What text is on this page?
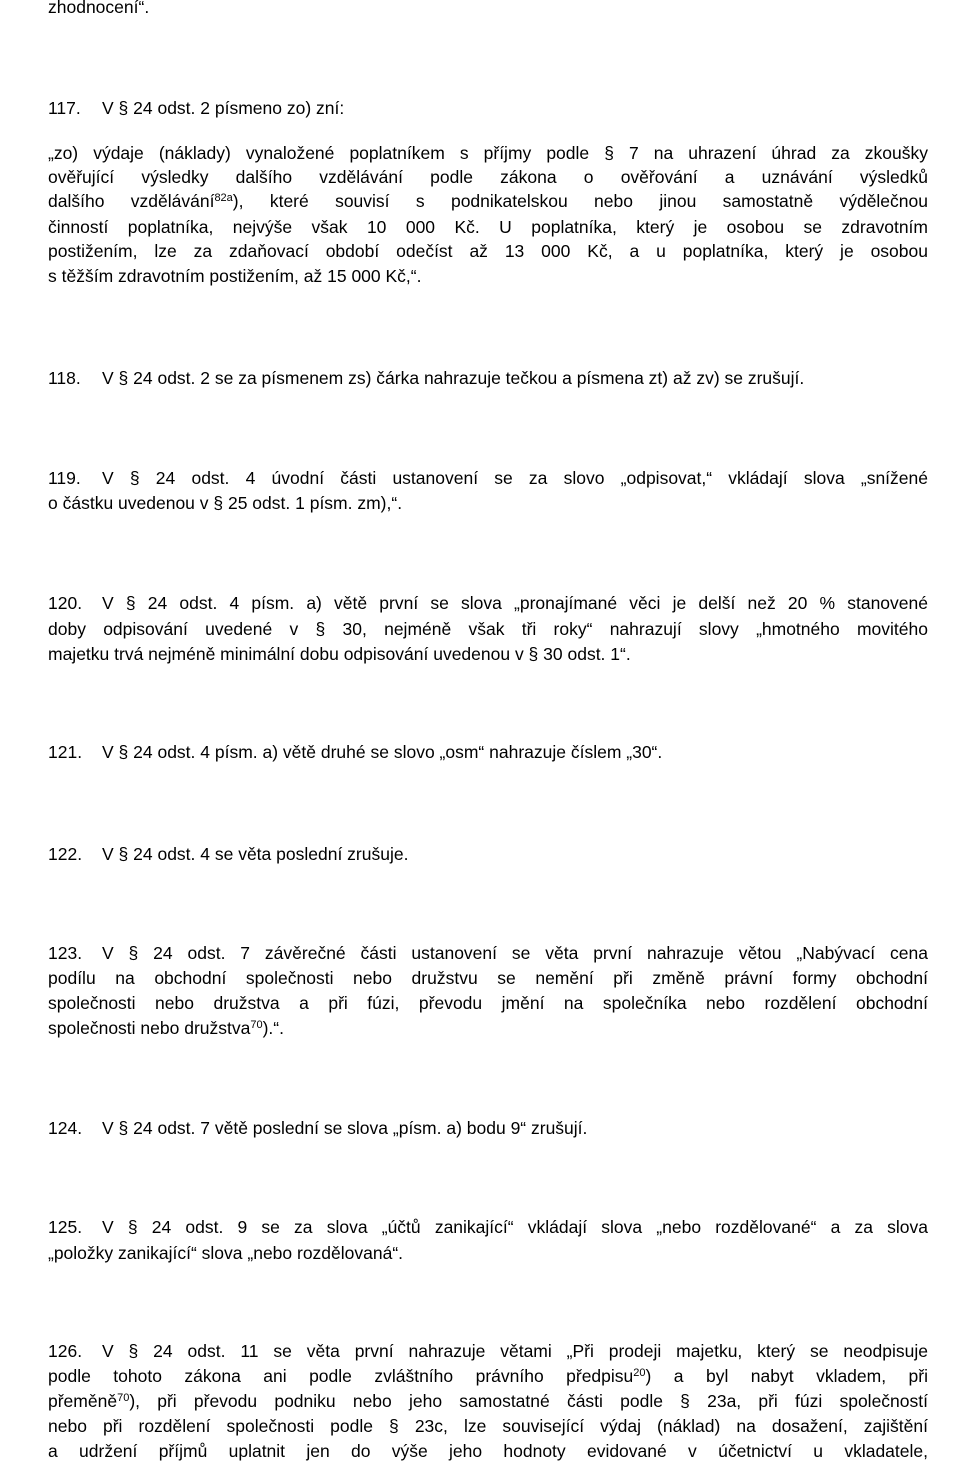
zhodnocení“.
117. V § 24 odst. 2 písmeno zo) zní:
„zo) výdaje (náklady) vynaložené poplatníkem s příjmy podle § 7 na uhrazení úhrad za zkoušky
ověřující výsledky dalšího vzdělávání podle zákona o ověřování a uznávání výsledků
dalšího vzdělávání$^{82a}$), které souvisí s podnikatelskou nebo jinou samostatně výdělečnou
činností poplatníka, nejvýše však 10 000 Kč. U poplatníka, který je osobou se zdravotním
postižením, lze za zdaňovací období odečíst až 13 000 Kč, a u poplatníka, který je osobou
s těžším zdravotním postižením, až 15 000 Kč,“.
118. V § 24 odst. 2 se za písmenem zs) čárka nahrazuje tečkou a písmena zt) až zv) se zrušují.
119. V § 24 odst. 4 úvodní části ustanovení se za slovo „odpisovat,“ vkládají slova „snížené
o částku uvedenou v § 25 odst. 1 písm. zm),“.
120. V § 24 odst. 4 písm. a) větě první se slova „pronajímané věci je delší než 20 % stanovené
doby odpisování uvedené v § 30, nejméně však tři roky“ nahrazují slovy „hmotného movitého
majetku trvá nejméně minimální dobu odpisování uvedenou v § 30 odst. 1“.
121. V § 24 odst. 4 písm. a) větě druhé se slovo „osm“ nahrazuje číslem „30“.
122. V § 24 odst. 4 se věta poslední zrušuje.
123. V § 24 odst. 7 závěrečné části ustanovení se věta první nahrazuje větou „Nabývací cena
podílu na obchodní společnosti nebo družstvu se nemění při změně právní formy obchodní
společnosti nebo družstva a při fúzi, převodu jmění na společníka nebo rozdělení obchodní
společnosti nebo družstva$^{70}$).“.
124. V § 24 odst. 7 větě poslední se slova „písm. a) bodu 9“ zrušují.
125. V § 24 odst. 9 se za slova „účtů zanikající“ vkládají slova „nebo rozdělované“ a za slova
„položky zanikající“ slova „nebo rozdělovaná“.
126. V § 24 odst. 11 se věta první nahrazuje větami „Při prodeji majetku, který se neodpisuje
podle tohoto zákona ani podle zvláštního právního předpisu$^{20}$) a byl nabyt vkladem, při
přeměně$^{70}$), při převodu podniku nebo jeho samostatné části podle § 23a, při fúzi společností
nebo při rozdělení společnosti podle § 23c, lze související výdaj (náklad) na dosažení, zajištění
a udržení příjmů uplatnit jen do výše jeho hodnoty evidované v účetnictví u vkladatele,
